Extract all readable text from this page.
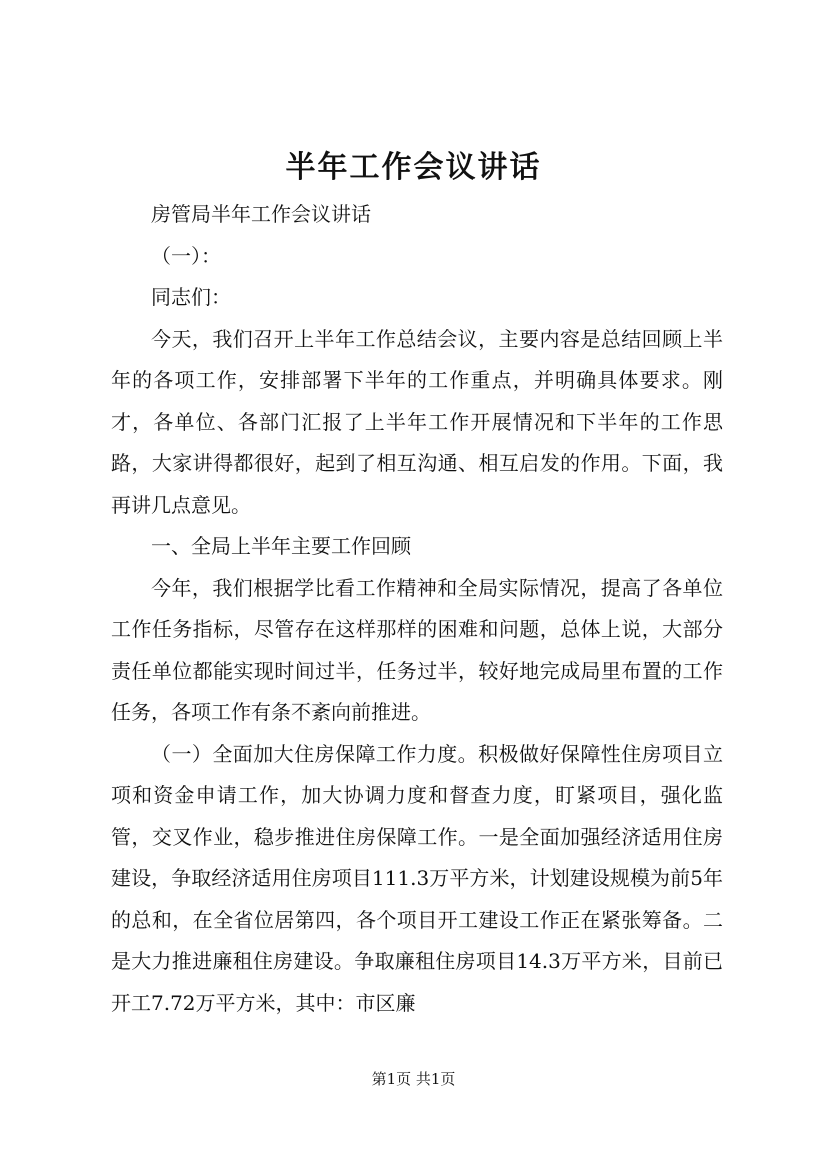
半年工作会议讲话

房管局半年工作会议讲话

（一）：

同志们：

今天，我们召开上半年工作总结会议，主要内容是总结回顾上半年的各项工作，安排部署下半年的工作重点，并明确具体要求。刚才，各单位、各部门汇报了上半年工作开展情况和下半年的工作思路，大家讲得都很好，起到了相互沟通、相互启发的作用。下面，我再讲几点意见。

一、全局上半年主要工作回顾

今年，我们根据学比看工作精神和全局实际情况，提高了各单位工作任务指标，尽管存在这样那样的困难和问题，总体上说，大部分责任单位都能实现时间过半，任务过半，较好地完成局里布置的工作任务，各项工作有条不紊向前推进。

（一）全面加大住房保障工作力度。积极做好保障性住房项目立项和资金申请工作，加大协调力度和督查力度，盯紧项目，强化监管，交叉作业，稳步推进住房保障工作。一是全面加强经济适用住房建设，争取经济适用住房项目111.3万平方米，计划建设规模为前5年的总和，在全省位居第四，各个项目开工建设工作正在紧张筹备。二是大力推进廉租住房建设。争取廉租住房项目14.3万平方米，目前已开工7.72万平方米，其中：市区廉

第1页 共1页
